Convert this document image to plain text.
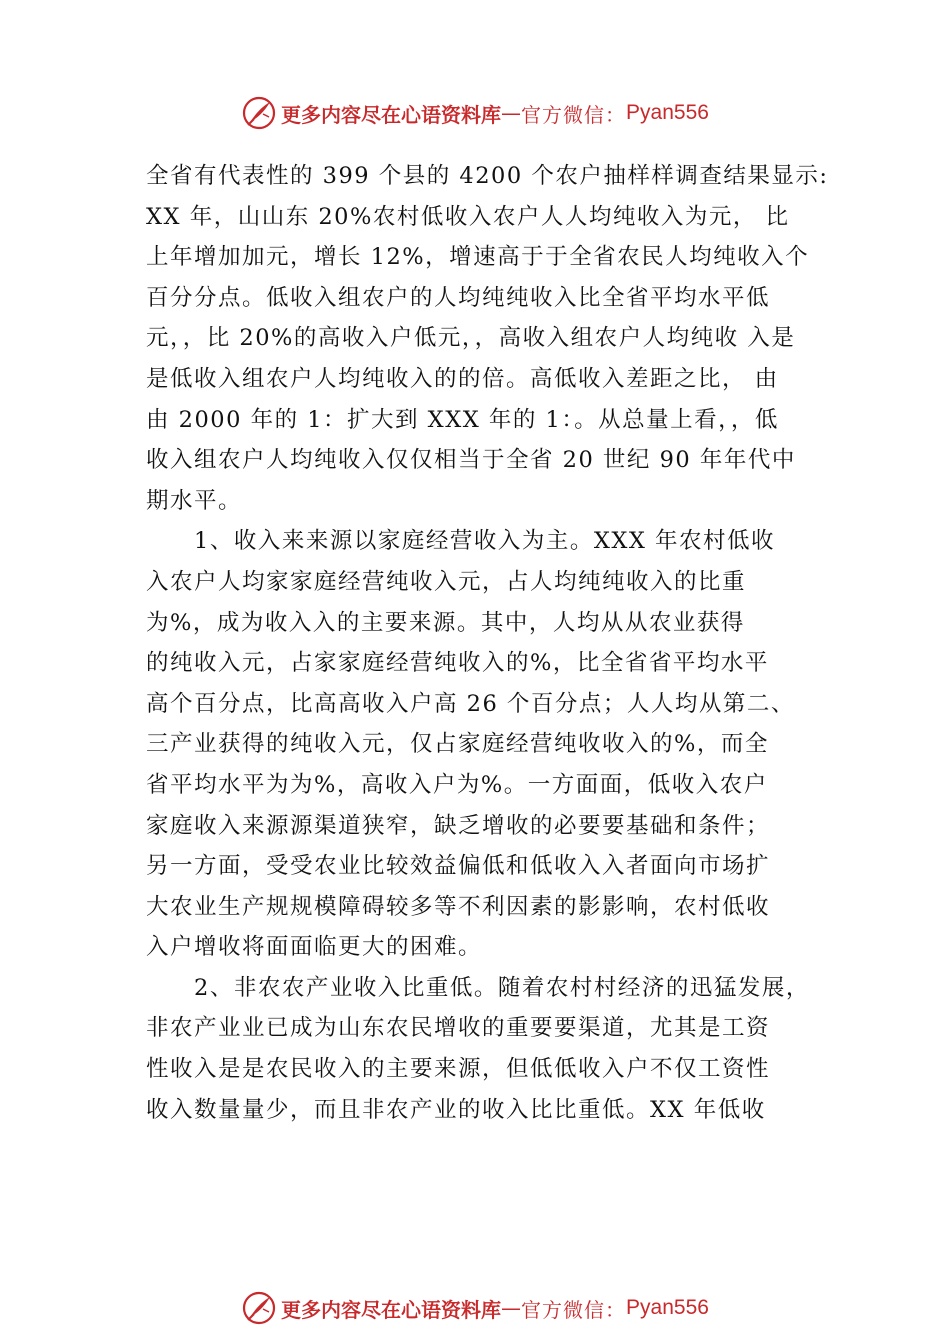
更多内容尽在心语资料库 — 官方微信： Pyan556
全省有代表性的 399 个县的 4200 个农户抽样样调查结果显示:
XX 年，山山东 20%农村低收入农户人人均纯收入为元， 比
上年增加加元，增长 12%，增速高于于全省农民人均纯收入个
百分分点。低收入组农户的人均纯纯收入比全省平均水平低
元，，比 20%的高收入户低元，，高收入组农户人均纯收 入是
是低收入组农户人均纯收入的的倍。高低收入差距之比， 由
由 2000 年的 1：扩大到 XXX 年的 1：。从总量上看，，低
收入组农户人均纯收入仅仅相当于全省 20 世纪 90 年年代中
期水平。
1、收入来来源以家庭经营收入为主。XXX 年农村低收
入农户人均家家庭经营纯收入元，占人均纯纯收入的比重
为%，成为收入入的主要来源。其中，人均从从农业获得
的纯收入元，占家家庭经营纯收入的%，比全省省平均水平
高个百分点，比高高收入户高 26 个百分点；人人均从第二、
三产业获得的纯收入元，仅占家庭经营纯收收入的%，而全
省平均水平为为%，高收入户为%。一方面面，低收入农户
家庭收入来源源渠道狭窄，缺乏增收的必要要基础和条件；
另一方面，受受农业比较效益偏低和低收入入者面向市场扩
大农业生产规规模障碍较多等不利因素的影影响，农村低收
入户增收将面面临更大的困难。
2、非农农产业收入比重低。随着农村村经济的迅猛发展，
非农产业业已成为山东农民增收的重要要渠道，尤其是工资
性收入是是农民收入的主要来源，但低低收入户不仅工资性
收入数量量少，而且非农产业的收入比比重低。XX 年低收
更多内容尽在心语资料库 — 官方微信： Pyan556
